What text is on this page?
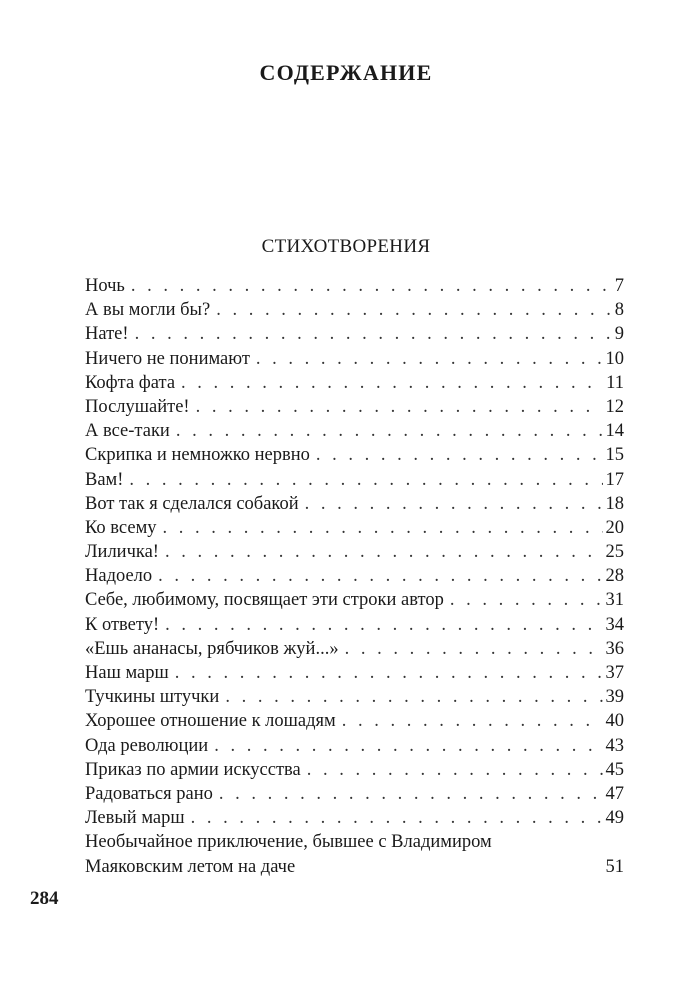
СОДЕРЖАНИЕ
СТИХОТВОРЕНИЯ
Ночь . . .	7
А вы могли бы? . . .	8
Нате! . . .	9
Ничего не понимают . . .	10
Кофта фата . . .	11
Послушайте! . . .	12
А все-таки . . .	14
Скрипка и немножко нервно . . .	15
Вам! . . .	17
Вот так я сделался собакой . . .	18
Ко всему . . .	20
Лиличка! . . .	25
Надоело . . .	28
Себе, любимому, посвящает эти строки автор . . .	31
К ответу! . . .	34
«Ешь ананасы, рябчиков жуй...» . . .	36
Наш марш . . .	37
Тучкины штучки . . .	39
Хорошее отношение к лошадям . . .	40
Ода революции . . .	43
Приказ по армии искусства . . .	45
Радоваться рано . . .	47
Левый марш . . .	49
Необычайное приключение, бывшее с Владимиром
Маяковским летом на даче	51
284
